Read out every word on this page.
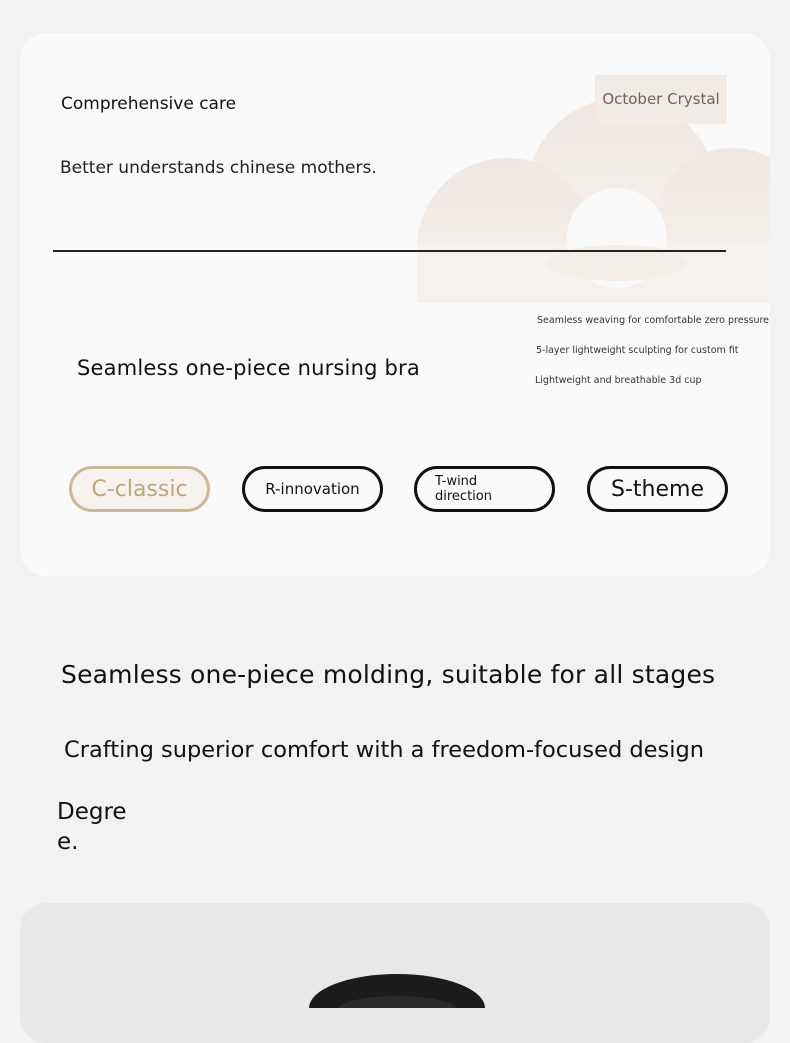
October Crystal
Comprehensive care
Better understands chinese mothers.
Seamless one-piece nursing bra
Seamless weaving for comfortable zero pressure
5-layer lightweight sculpting for custom fit
Lightweight and breathable 3d cup
C-classic	R-innovation	T-wind direction	S-theme
Seamless one-piece molding, suitable for all stages
Crafting superior comfort with a freedom-focused design
Degree.
